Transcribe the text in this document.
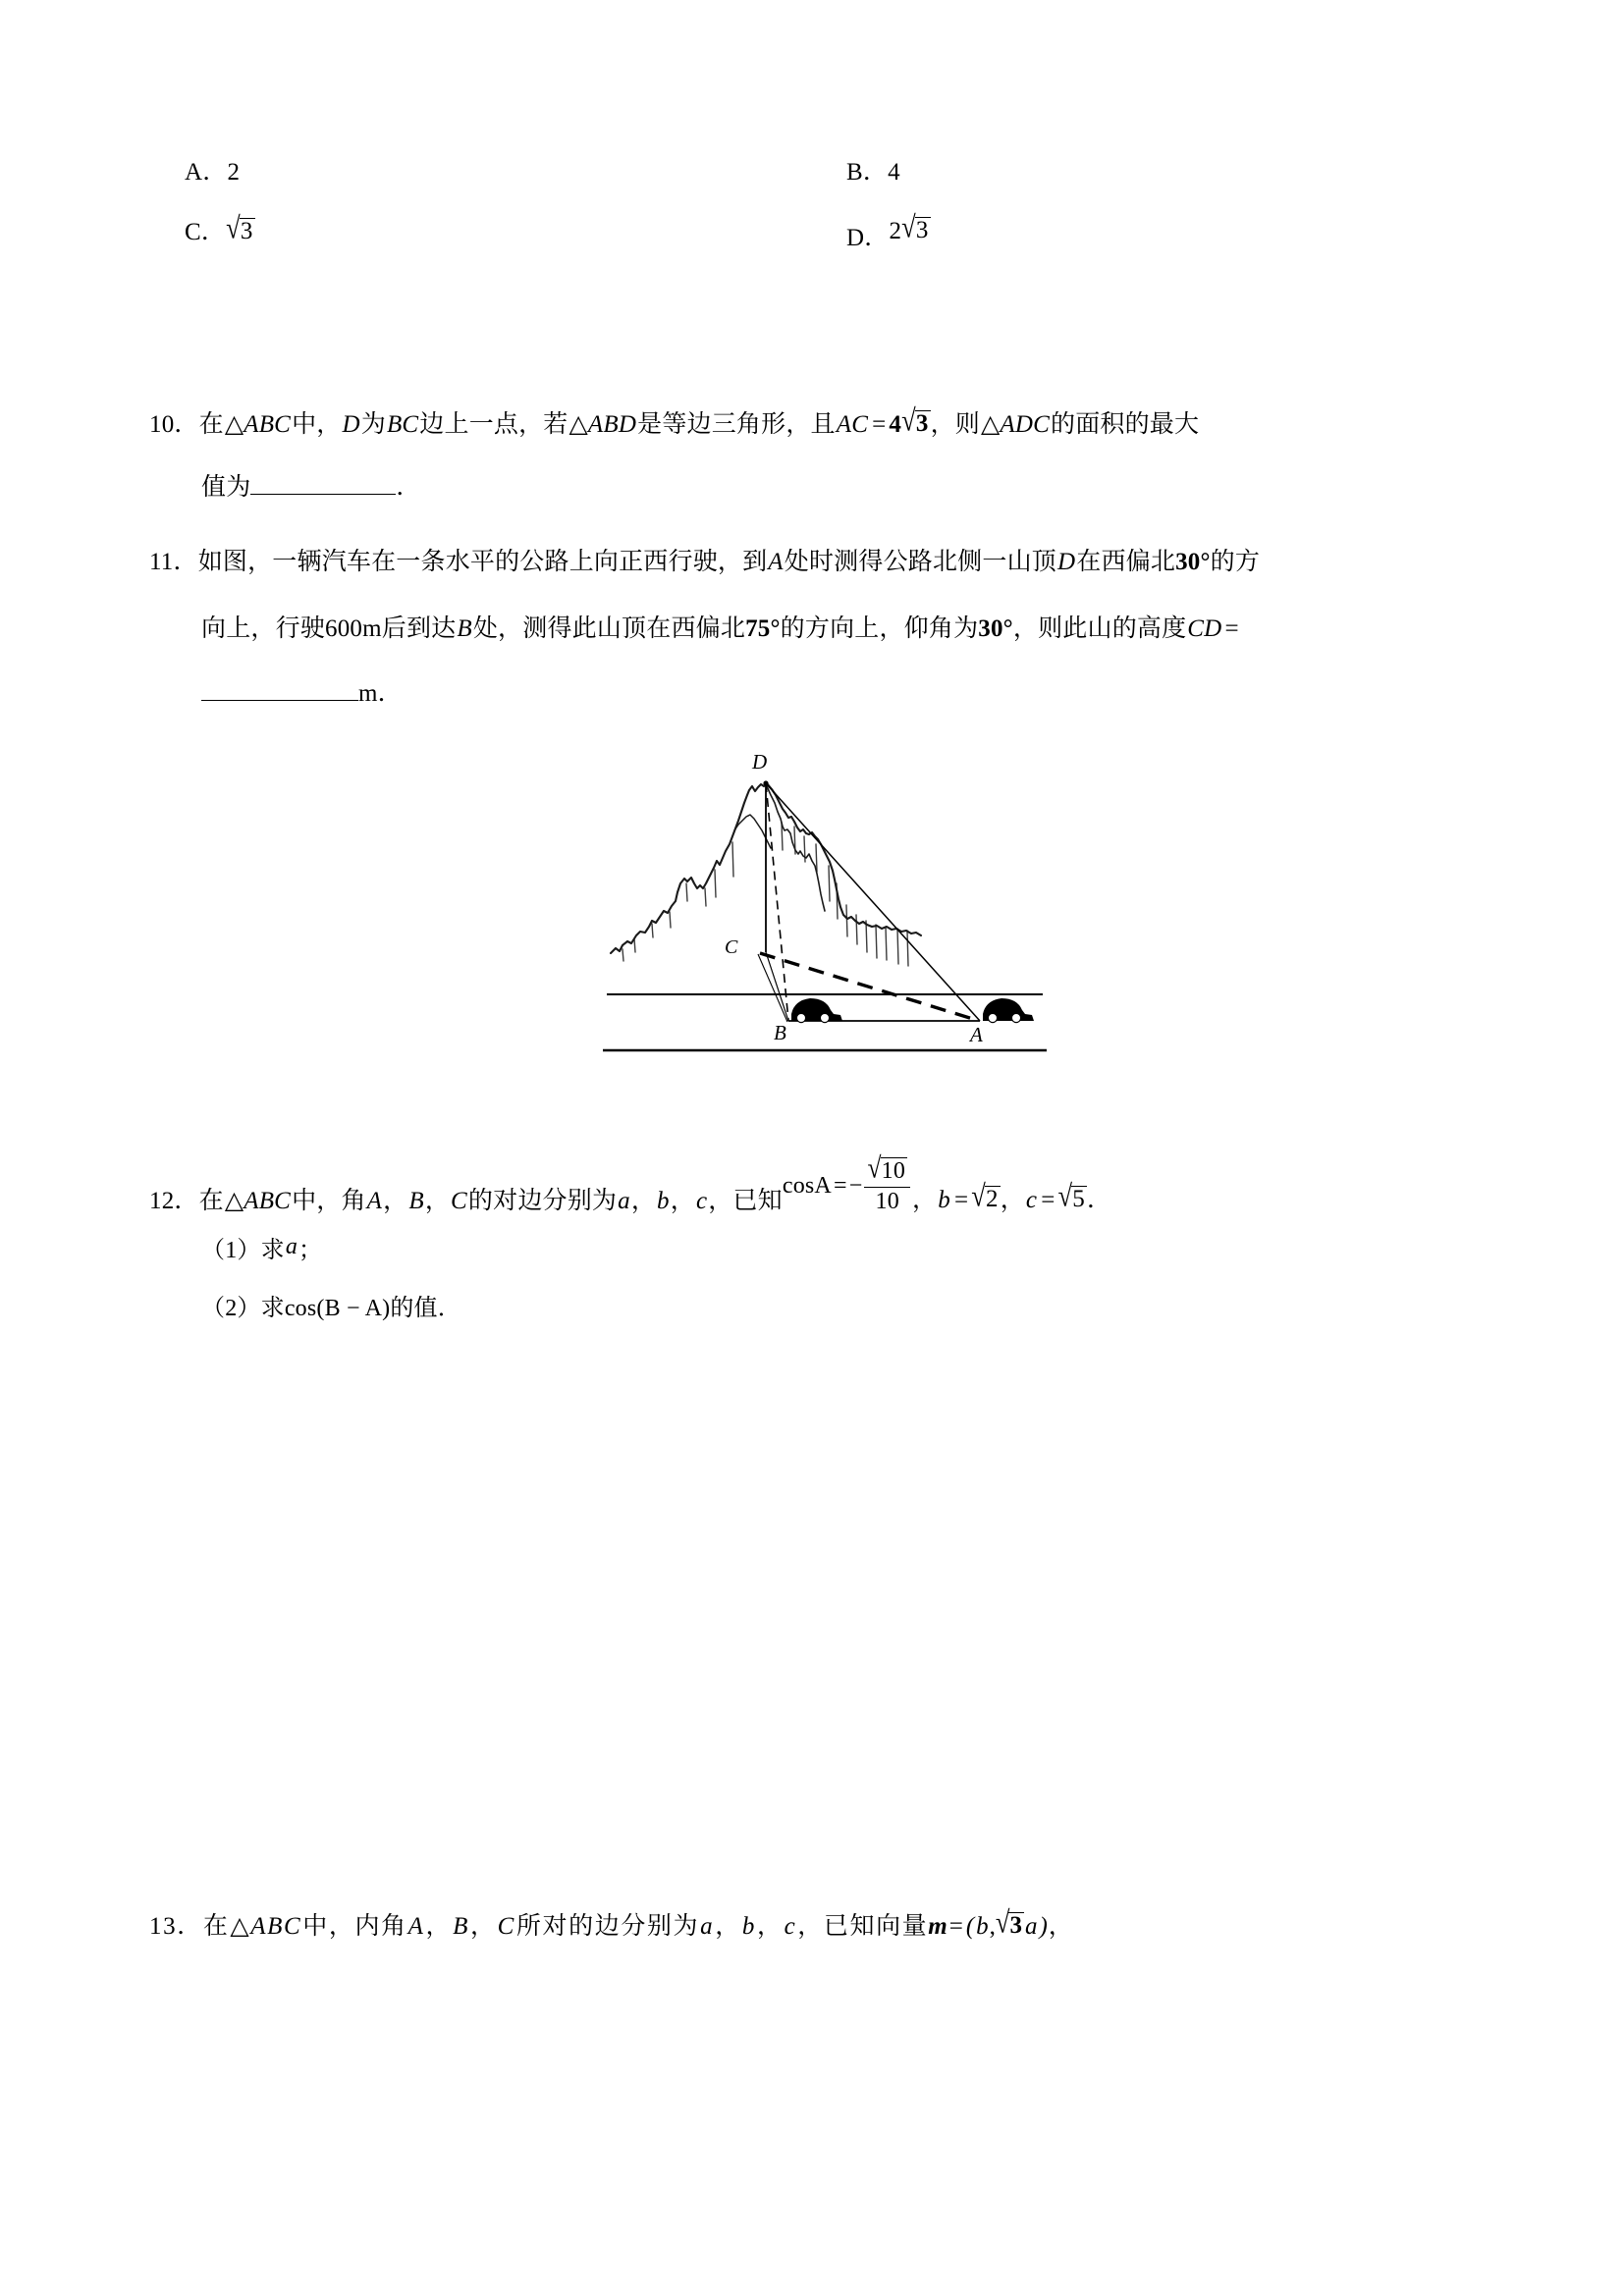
A．2	B．4
C．√3	D．2√3
10．在△ABC中，D为BC边上一点，若△ABD是等边三角形，且AC = 4√3，则△ADC的面积的最大
值为	．
11．如图，一辆汽车在一条水平的公路上向正西行驶，到A处时测得公路北侧一山顶D在西偏北30°的方
向上，行驶600m后到达B处，测得此山顶在西偏北75°的方向上，仰角为30°，则此山的高度CD =
m．
D
C
B	A
12．在△ABC中，角A，B，C的对边分别为a，b，c，已知$\cos A=- \frac{√10}{10}$ ，b = √2，c = √5．
（1）求a；
（2）求cos(B − A)的值．
13．在△ABC中，内角A，B，C所对的边分别为a，b，c，已知向量m= (b,√3 a)，
